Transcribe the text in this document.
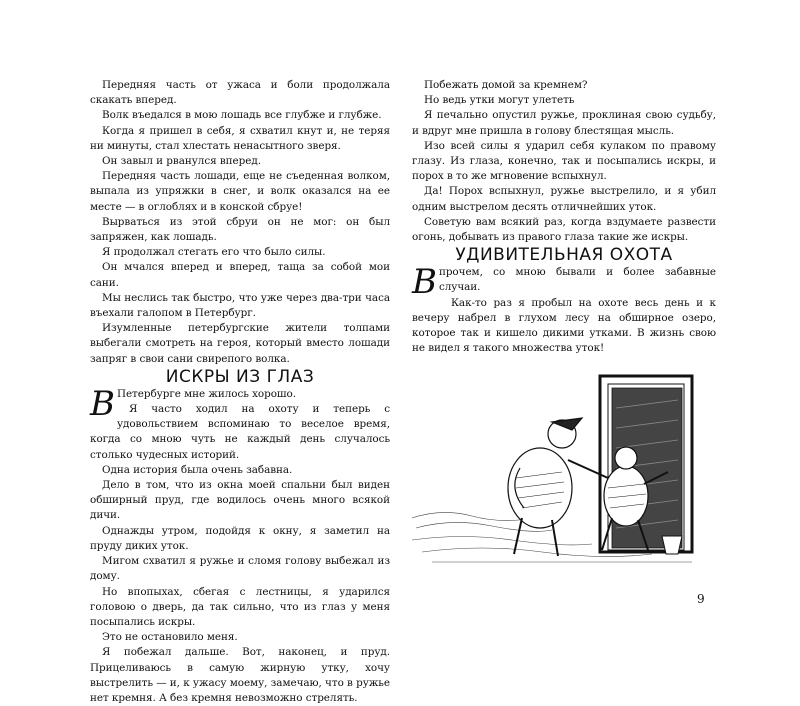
Передняя часть от ужаса и боли продолжала скакать вперед.

Волк въедался в мою лошадь все глубже и глубже.

Когда я пришел в себя, я схватил кнут и, не теряя ни минуты, стал хлестать ненасытного зверя.

Он завыл и рванулся вперед.

Передняя часть лошади, еще не съеденная волком, выпала из упряжки в снег, и волк оказался на ее месте — в оглоблях и в конской сбруе!

Вырваться из этой сбруи он не мог: он был запряжен, как лошадь.

Я продолжал стегать его что было силы.

Он мчался вперед и вперед, таща за собой мои сани.

Мы неслись так быстро, что уже через два-три часа въехали галопом в Петербург.

Изумленные петербургские жители толпами выбегали смотреть на героя, который вместо лошади запряг в свои сани свирепого волка.

ИСКРЫ ИЗ ГЛАЗ

В Петербурге мне жилось хорошо.

Я часто ходил на охоту и теперь с удовольствием вспоминаю то веселое время, когда со мною чуть не каждый день случалось столько чудесных историй.

Одна история была очень забавна.

Дело в том, что из окна моей спальни был виден обширный пруд, где водилось очень много всякой дичи.

Однажды утром, подойдя к окну, я заметил на пруду диких уток.

Мигом схватил я ружье и сломя голову выбежал из дому.

Но впопыхах, сбегая с лестницы, я ударился головою о дверь, да так сильно, что из глаз у меня посыпались искры.

Это не остановило меня.

Я побежал дальше. Вот, наконец, и пруд. Прицеливаюсь в самую жирную утку, хочу выстрелить — и, к ужасу моему, замечаю, что в ружье нет кремня. А без кремня невозможно стрелять.

Побежать домой за кремнем?

Но ведь утки могут улететь

Я печально опустил ружье, проклиная свою судьбу, и вдруг мне пришла в голову блестящая мысль.

Изо всей силы я ударил себя кулаком по правому глазу. Из глаза, конечно, так и посыпались искры, и порох в то же мгновение вспыхнул.

Да! Порох вспыхнул, ружье выстрелило, и я убил одним выстрелом десять отличнейших уток.

Советую вам всякий раз, когда вздумаете развести огонь, добывать из правого глаза такие же искры.

УДИВИТЕЛЬНАЯ ОХОТА

Впрочем, со мною бывали и более забавные случаи.

Как-то раз я пробыл на охоте весь день и к вечеру набрел в глухом лесу на обширное озеро, которое так и кишело дикими утками. В жизнь свою не видел я такого множества уток!

9
